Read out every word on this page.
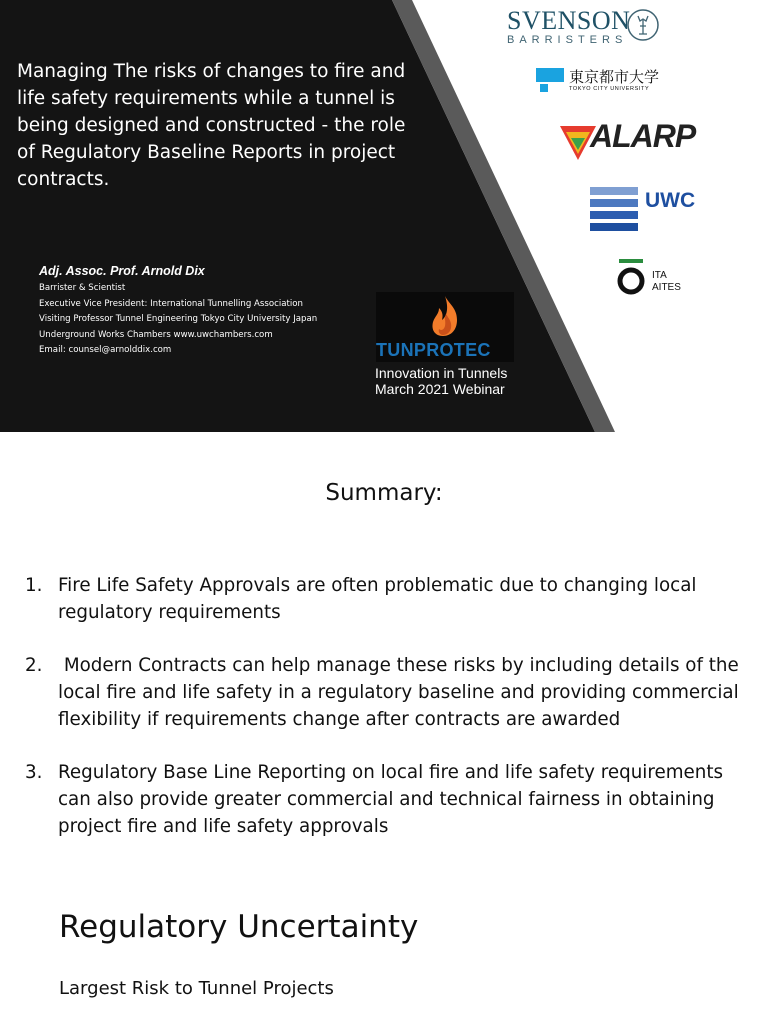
Managing The risks of changes to fire and life safety requirements while a tunnel is being designed and constructed - the role of Regulatory Baseline Reports in project contracts.
Adj. Assoc. Prof. Arnold Dix
Barrister & Scientist
Executive Vice President: International Tunnelling Association
Visiting Professor Tunnel Engineering Tokyo City University Japan
Underground Works Chambers www.uwchambers.com
Email: counsel@arnolddix.com	TUNPROTEC
Innovation in Tunnels
March 2021 Webinar
SVENSON
BARRISTERS
東京都市大学
TOKYO CITY UNIVERSITY
ALARP
UWC
ITA
AITES
Summary:
1. Fire Life Safety Approvals are often problematic due to changing local regulatory requirements
2. Modern Contracts can help manage these risks by including details of the local fire and life safety in a regulatory baseline and providing commercial flexibility if requirements change after contracts are awarded
3. Regulatory Base Line Reporting on local fire and life safety requirements can also provide greater commercial and technical fairness in obtaining project fire and life safety approvals
Regulatory Uncertainty
Largest Risk to Tunnel Projects
